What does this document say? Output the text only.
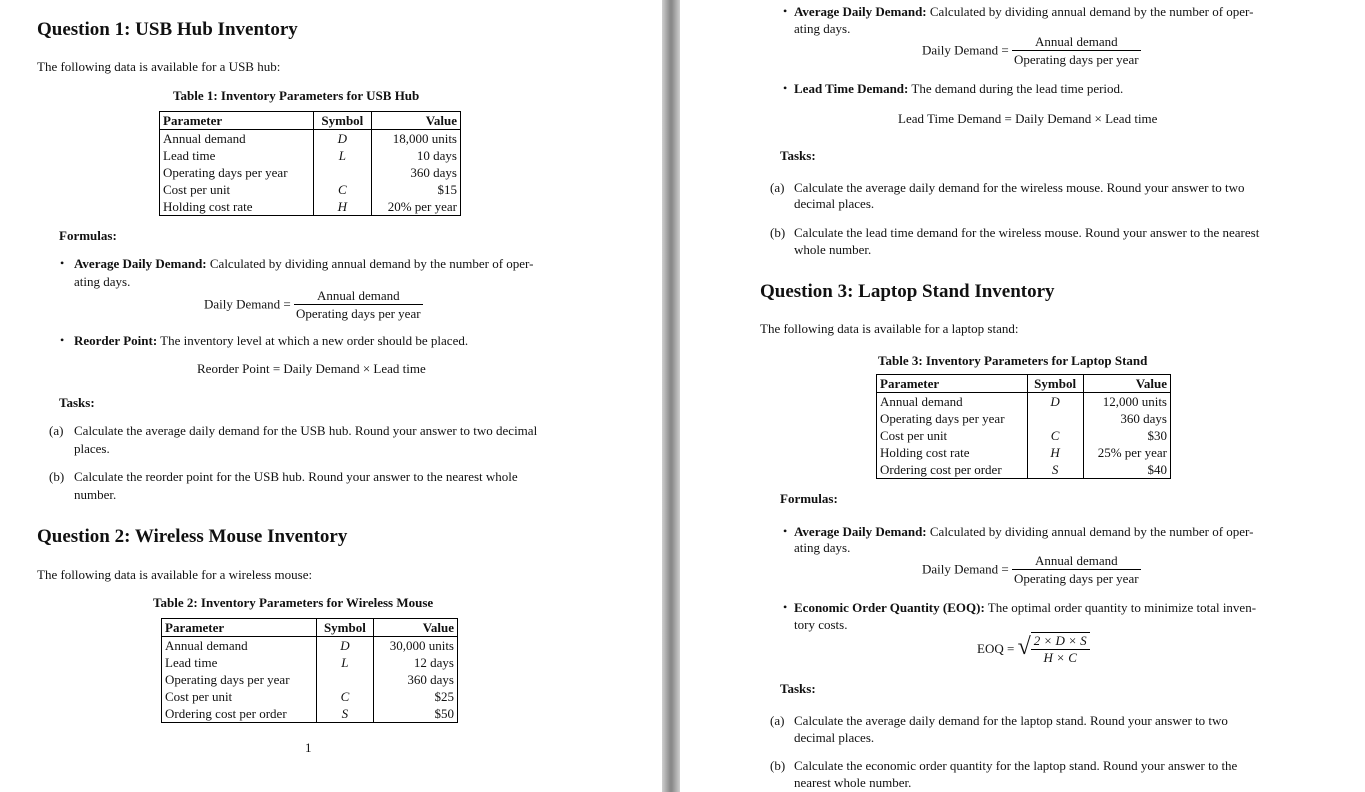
Question 1: USB Hub Inventory
The following data is available for a USB hub:
Table 1: Inventory Parameters for USB Hub
Parameter	Symbol	Value
Annual demand	D	18,000 units
Lead time	L	10 days
Operating days per year		360 days
Cost per unit	C	$15
Holding cost rate	H	20% per year
Formulas:
• Average Daily Demand: Calculated by dividing annual demand by the number of oper-
ating days.
Daily Demand = $\frac{\text{Annual demand}}{\text{Operating days per year}}$
• Reorder Point: The inventory level at which a new order should be placed.
Reorder Point = Daily Demand × Lead time
Tasks:
(a) Calculate the average daily demand for the USB hub. Round your answer to two decimal
places.
(b) Calculate the reorder point for the USB hub. Round your answer to the nearest whole
number.
Question 2: Wireless Mouse Inventory
The following data is available for a wireless mouse:
Table 2: Inventory Parameters for Wireless Mouse
Parameter	Symbol	Value
Annual demand	D	30,000 units
Lead time	L	12 days
Operating days per year		360 days
Cost per unit	C	$25
Ordering cost per order	S	$50
1
• Average Daily Demand: Calculated by dividing annual demand by the number of oper-
ating days.
Daily Demand = $\frac{\text{Annual demand}}{\text{Operating days per year}}$
• Lead Time Demand: The demand during the lead time period.
Lead Time Demand = Daily Demand × Lead time
Tasks:
(a) Calculate the average daily demand for the wireless mouse. Round your answer to two
decimal places.
(b) Calculate the lead time demand for the wireless mouse. Round your answer to the nearest
whole number.
Question 3: Laptop Stand Inventory
The following data is available for a laptop stand:
Table 3: Inventory Parameters for Laptop Stand
Parameter	Symbol	Value
Annual demand	D	12,000 units
Operating days per year		360 days
Cost per unit	C	$30
Holding cost rate	H	25% per year
Ordering cost per order	S	$40
Formulas:
• Average Daily Demand: Calculated by dividing annual demand by the number of oper-
ating days.
Daily Demand = $\frac{\text{Annual demand}}{\text{Operating days per year}}$
• Economic Order Quantity (EOQ): The optimal order quantity to minimize total inven-
tory costs.
EOQ = √ $\frac{2 \times D \times S}{H \times C}$
Tasks:
(a) Calculate the average daily demand for the laptop stand. Round your answer to two
decimal places.
(b) Calculate the economic order quantity for the laptop stand. Round your answer to the
nearest whole number.
